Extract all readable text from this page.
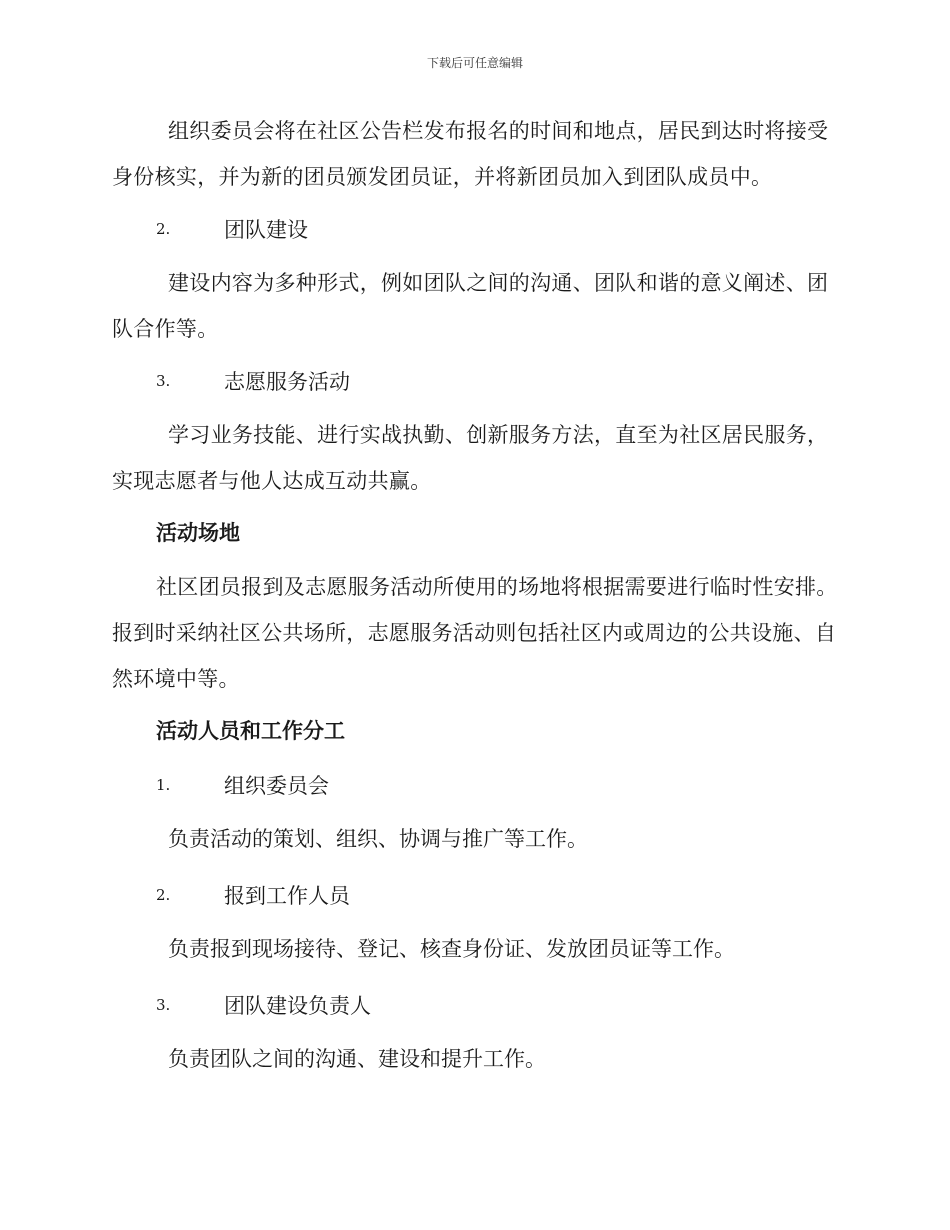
下载后可任意编辑

组织委员会将在社区公告栏发布报名的时间和地点，居民到达时将接受身份核实，并为新的团员颁发团员证，并将新团员加入到团队成员中。

2.	团队建设

建设内容为多种形式，例如团队之间的沟通、团队和谐的意义阐述、团队合作等。

3.	志愿服务活动

学习业务技能、进行实战执勤、创新服务方法，直至为社区居民服务，实现志愿者与他人达成互动共赢。

活动场地

社区团员报到及志愿服务活动所使用的场地将根据需要进行临时性安排。报到时采纳社区公共场所，志愿服务活动则包括社区内或周边的公共设施、自然环境中等。

活动人员和工作分工
1.	组织委员会
负责活动的策划、组织、协调与推广等工作。
2.	报到工作人员
负责报到现场接待、登记、核查身份证、发放团员证等工作。
3.	团队建设负责人
负责团队之间的沟通、建设和提升工作。
